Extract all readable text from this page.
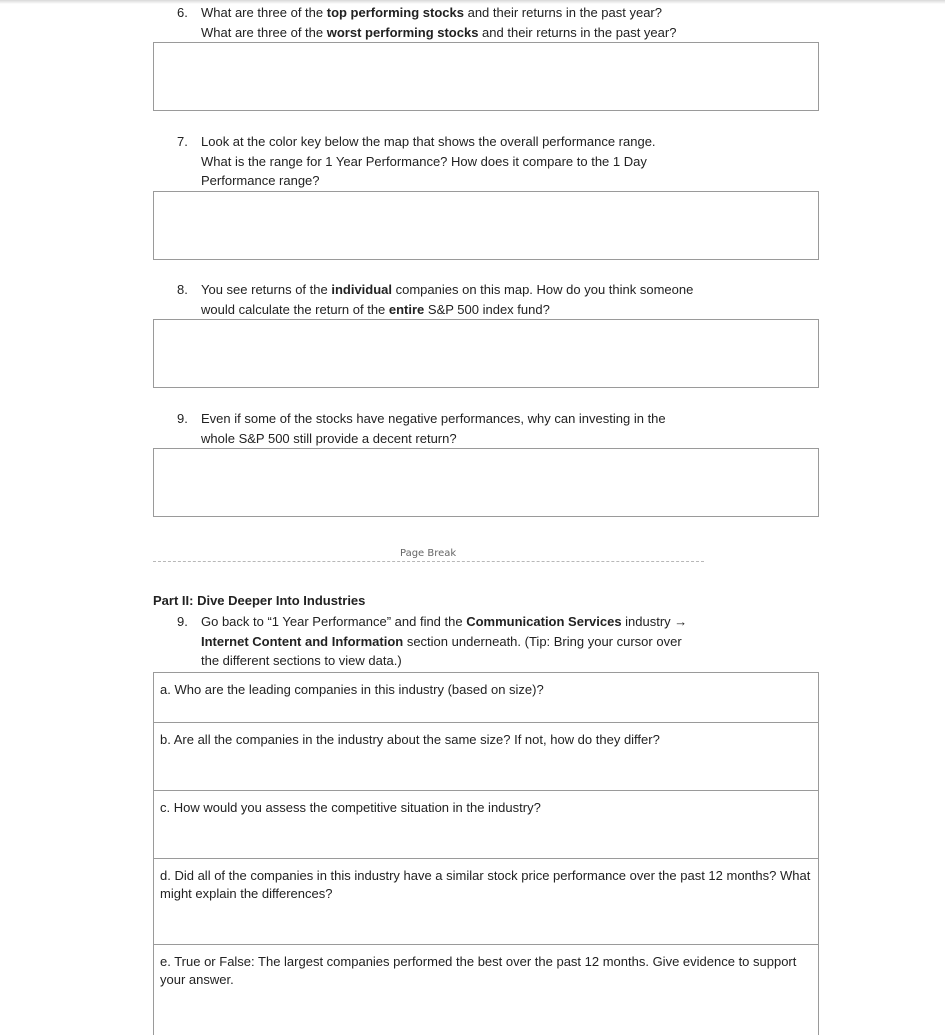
6.	What are three of the top performing stocks and their returns in the past year?
What are three of the worst performing stocks and their returns in the past year?
7.	Look at the color key below the map that shows the overall performance range.
What is the range for 1 Year Performance? How does it compare to the 1 Day
Performance range?
8.	You see returns of the individual companies on this map. How do you think someone
would calculate the return of the entire S&P 500 index fund?
9.	Even if some of the stocks have negative performances, why can investing in the
whole S&P 500 still provide a decent return?
Page Break
Part II: Dive Deeper Into Industries
9.	Go back to “1 Year Performance” and find the Communication Services industry →
Internet Content and Information section underneath. (Tip: Bring your cursor over
the different sections to view data.)
a. Who are the leading companies in this industry (based on size)?
b. Are all the companies in the industry about the same size? If not, how do they differ?
c. How would you assess the competitive situation in the industry?
d. Did all of the companies in this industry have a similar stock price performance over the past 12 months? What might explain the differences?
e. True or False: The largest companies performed the best over the past 12 months. Give evidence to support your answer.
